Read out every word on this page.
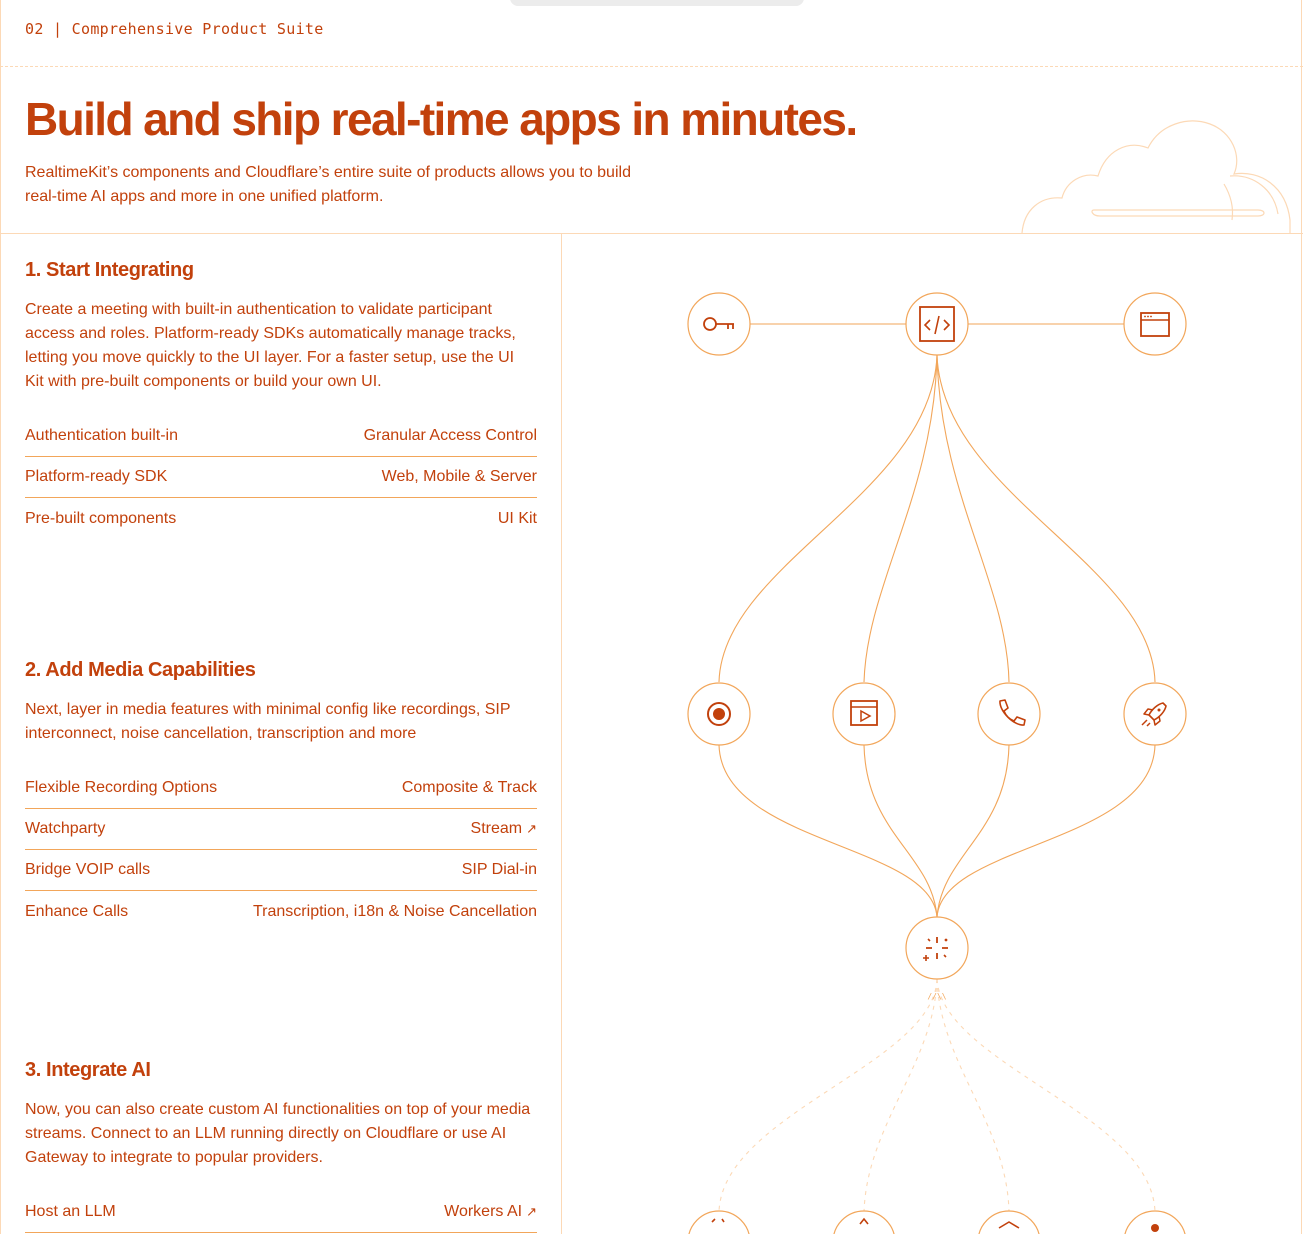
02 | Comprehensive Product Suite
Build and ship real-time apps in minutes.

RealtimeKit’s components and Cloudflare’s entire suite of products allows you to build real-time AI apps and more in one unified platform.

1. Start Integrating

Create a meeting with built-in authentication to validate participant access and roles. Platform-ready SDKs automatically manage tracks, letting you move quickly to the UI layer. For a faster setup, use the UI Kit with pre-built components or build your own UI.

Authentication built-in	Granular Access Control
Platform-ready SDK	Web, Mobile & Server
Pre-built components	UI Kit
2. Add Media Capabilities

Next, layer in media features with minimal config like recordings, SIP interconnect, noise cancellation, transcription and more

Flexible Recording Options	Composite & Track
Watchparty	Stream ↗
Bridge VOIP calls	SIP Dial-in
Enhance Calls	Transcription, i18n & Noise Cancellation
3. Integrate AI

Now, you can also create custom AI functionalities on top of your media streams. Connect to an LLM running directly on Cloudflare or use AI Gateway to integrate to popular providers.

Host an LLM	Workers AI ↗
//\\
